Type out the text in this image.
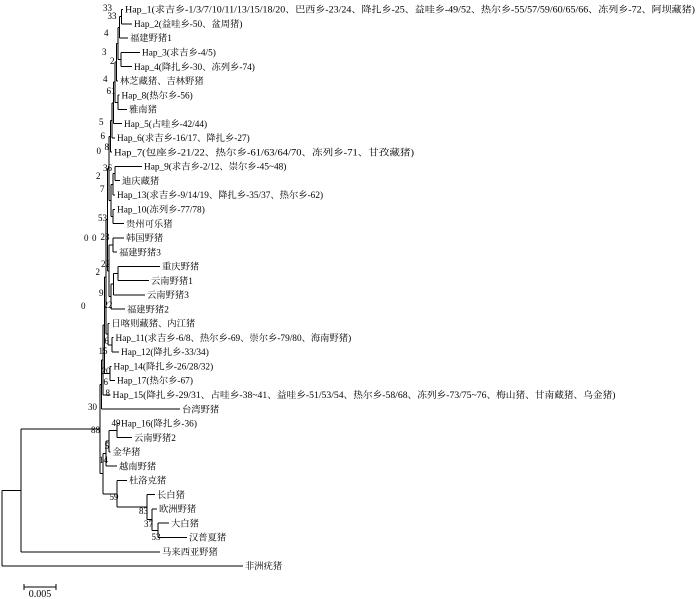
Hap_1(求吉乡-1/3/7/10/11/13/15/18/20、巴西乡-23/24、降扎乡-25、益哇乡-49/52、热尔乡-55/57/59/60/65/66、冻列乡-72、阿坝藏猪)
Hap_2(益哇乡-50、盆周猪)
33
福建野猪1
33
Hap_3(求吉乡-4/5)
Hap_4(降扎乡-30、冻列乡-74)
2
4
林芝藏猪、吉林野猪
3
Hap_8(热尔乡-56)
雅南猪
61
4
Hap_5(占哇乡-42/44)
5
Hap_6(求吉乡-16/17、降扎乡-27)
6
Hap_7(包座乡-21/22、热尔乡-61/63/64/70、冻列乡-71、甘孜藏猪)
8
Hap_9(求吉乡-2/12、崇尔乡-45~48)
迪庆藏猪
36
Hap_13(求吉乡-9/14/19、降扎乡-35/37、热尔乡-62)
2
Hap_10(冻列乡-77/78)
贵州可乐猪
53
7
0
韩国野猪
福建野猪3
23
重庆野猪
云南野猪1
22
云南野猪3
9
福建野猪2
22
2
0
日喀则藏猪、内江猪
Hap_11(求吉乡-6/8、热尔乡-69、崇尔乡-79/80、海南野猪)
Hap_12(降扎乡-33/34)
6
15
0
Hap_14(降扎乡-26/28/32)
Hap_17(热尔乡-67)
6
20
Hap_15(降扎乡-29/31、占哇乡-38~41、益哇乡-51/53/54、热尔乡-58/68、冻列乡-73/75~76、梅山猪、甘南藏猪、乌金猪)
8
台湾野猪
30
Hap_16(降扎乡-36)
云南野猪2
49
金华猪
5
越南野猪
14
杜洛克猪
长白猪
欧洲野猪
大白猪
汉普夏猪
53
37
83
59
0
88
马来西亚野猪
非洲疣猪
0.005
